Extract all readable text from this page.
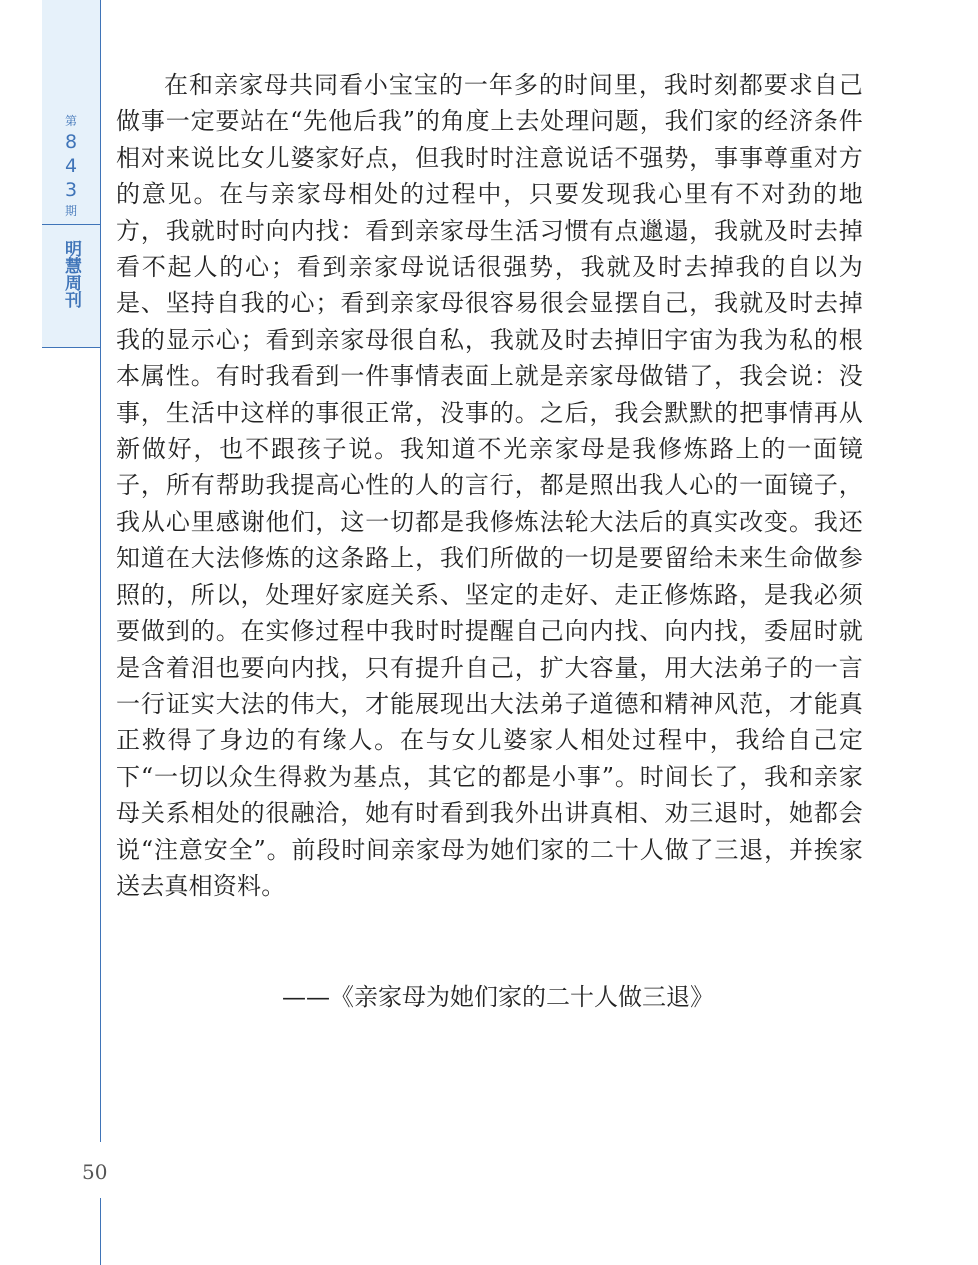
第
8
4
3
期
明慧周刊

在和亲家母共同看小宝宝的一年多的时间里，我时刻都要求自己做事一定要站在“先他后我”的角度上去处理问题，我们家的经济条件相对来说比女儿婆家好点，但我时时注意说话不强势，事事尊重对方的意见。在与亲家母相处的过程中，只要发现我心里有不对劲的地方，我就时时向内找：看到亲家母生活习惯有点邋遢，我就及时去掉看不起人的心；看到亲家母说话很强势，我就及时去掉我的自以为是、坚持自我的心；看到亲家母很容易很会显摆自己，我就及时去掉我的显示心；看到亲家母很自私，我就及时去掉旧宇宙为我为私的根本属性。有时我看到一件事情表面上就是亲家母做错了，我会说：没事，生活中这样的事很正常，没事的。之后，我会默默的把事情再从新做好，也不跟孩子说。我知道不光亲家母是我修炼路上的一面镜子，所有帮助我提高心性的人的言行，都是照出我人心的一面镜子，我从心里感谢他们，这一切都是我修炼法轮大法后的真实改变。我还知道在大法修炼的这条路上，我们所做的一切是要留给未来生命做参照的，所以，处理好家庭关系、坚定的走好、走正修炼路，是我必须要做到的。在实修过程中我时时提醒自己向内找、向内找，委屈时就是含着泪也要向内找，只有提升自己，扩大容量，用大法弟子的一言一行证实大法的伟大，才能展现出大法弟子道德和精神风范，才能真正救得了身边的有缘人。在与女儿婆家人相处过程中，我给自己定下“一切以众生得救为基点，其它的都是小事”。时间长了，我和亲家母关系相处的很融洽，她有时看到我外出讲真相、劝三退时，她都会说“注意安全”。前段时间亲家母为她们家的二十人做了三退，并挨家送去真相资料。

——《亲家母为她们家的二十人做三退》

50
